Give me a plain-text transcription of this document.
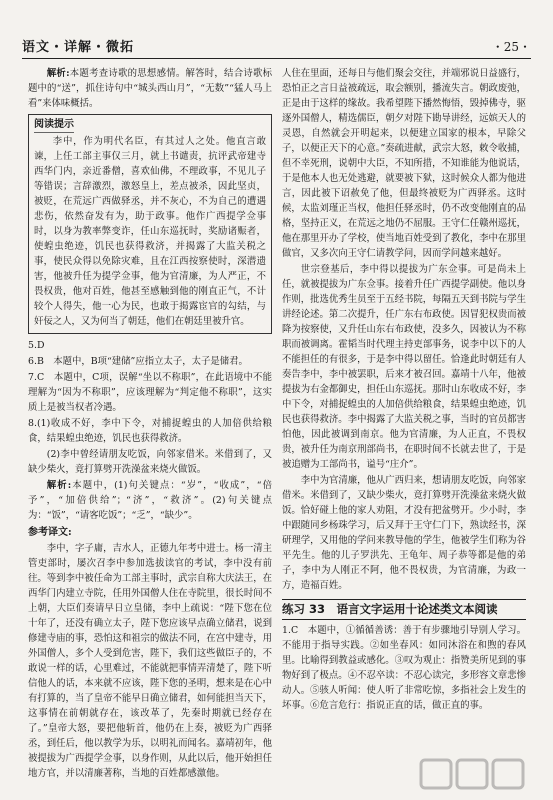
语文・详解・微拓	・25・

解析:本题考查诗歌的思想感情。解答时，结合诗歌标题中的“送”，抓住诗句中“城头西山月”，“无数”“猛人马上看”来体味概括。

阅读提示

李中，作为明代名臣，有其过人之处。他直言敢谏，上任工部主事仅三月，就上书谴责，抗评武帝建寺西华门内，亲近番僧，喜欢仙佛，不理政事，不见儿子等错误；言辞激烈，激怒皇上，差点被杀，因此坚贞，被贬，在荒远广西做驿丞，并不灰心，不为自己的遭遇悲伤，依然奋发有为，助于政事。他作广西提学佥事时，以身为教率弊变诈，任山东巡抚时，奖励诸赈者，使蝗虫绝迹，饥民也获得救济，并揭露了大监关税之事，使民众得以免除灾难，且在江西按察使时，深潜遗害，他被升任为提学佥事，他为官清廉，为人严正，不畏权贵，他对百姓，他甚至感触到他的刚直正气，不计较个人得失，他一心为民，也敢于揭露宦官的勾结，与奸佞之人，又为何当了朝廷，他们在朝廷里被升官。

5.D

6.B　本题中，B项“建储”应指立太子，太子是储君。

7.C　本题中，C项，误解“坐以不称职”，在此语境中不能理解为“因为不称职”，应该理解为“判定他不称职”，这实质上是被当权者冷遇。

8.(1)收成不好，李中下令，对捕捉蝗虫的人加倍供给粮食，结果蝗虫绝迹，饥民也获得救济。

(2)李中曾经请朋友吃饭，向邻家借米。米借到了，又缺少柴火，竟打算劈开洗澡盆来烧火做饭。

解析:本题中，(1)句关键点：“岁”，“收成”，“倍予”，“加倍供给”；“济”，“救济”。(2)句关键点为：“饭”，“请客吃饭”；“乏”，“缺少”。

参考译文:

李中，字子庸，吉水人，正德九年考中进士。杨一清主管吏部时，屡次召李中参加选拔读官的考试，李中没有前往。等到李中被任命为工部主事时，武宗自称大庆法王，在西华门内建立寺院，任用外国僧人住在寺院里，很长时间不上朝，大臣们奏请早日立皇储，李中上疏说：“陛下您在位十年了，还没有确立太子，陛下您应该早点确立储君，说到修建寺庙的事，恐怕这和祖宗的做法不同，在宫中建寺，用外国僧人，多个人受到危害，陛下，我们这些做臣子的，不敢说一样的话，心里难过，不能就把事情弄清楚了，陛下听信他人的话，本来就不应该，陛下您的圣明，想来是在心中有打算的，当了皇帝不能早日确立储君，如何能担当天下，这事情在前朝就存在，该改革了，先秦时期就已经存在了。”皇帝大怒，要把他斩首，他仍在上奏，被贬为广西驿丞，到任后，他以教学为乐，以明礼而闻名。嘉靖初年，他被提拔为广西提学佥事，以身作则，从此以后，他开始担任地方官，并以清廉著称，当地的百姓都感激他。

人住在里面，还每日与他们聚会交往，并端邪说日益盛行，恐怕正之言日益被疏远，取会额别，播流失言。朝政废弛，正是由于这样的缘故。我希望陛下播然悔悟，毁掉佛寺，驱逐外国僧人，精选儒臣，朝夕对陛下勘导讲经，远嫔天人的灵恩，自然就会开明起来，以便建立国家的根本，早除父子，以便正天下的心意。”奏疏进献，武宗大怒，敕令收捕，但不幸死刑，说朝中大臣，不知所措，不知谁能为他说话，于是他本人也无处逃避，就要被下狱，这时候众人都为他进言，因此被下诏赦免了他，但最终被贬为广西驿丞。这时候，太监刘瑾正当权，他担任驿丞时，仍不改变他刚直的品格，坚持正义，在荒远之地仍不屈服。王守仁任赣州巡抚，他在那里开办了学校，使当地百姓受到了教化，李中在那里做官，又多次向王守仁请教学问，因而学问越来越好。

世宗登基后，李中得以提拔为广东佥事。可是尚未上任，就被提拔为广东佥事。接着升任广西提学副使。他以身作则，批选优秀生员至于五经书院，每隔五天到书院与学生讲经论述。第二次提升，任广东右布政使。因冒犯权贵而被降为按察使，又升任山东右布政使，没多久，因被认为不称职而被调离。霍韬当时代理主持吏部事务，说李中以下的人不能担任的有很多，于是李中得以留任。恰逢此时朝廷有人奏告李中，李中被罢职，后来才被召回。嘉靖十八年，他被提拔为右金都御史，担任山东巡抚。那时山东收成不好，李中下令，对捕捉蝗虫的人加倍供给粮食，结果蝗虫绝迹，饥民也获得救济。李中揭露了大监关税之事，当时的官员都害怕他，因此被调到南京。他为官清廉，为人正直，不畏权贵，被升任为南京刑部尚书，在职时间不长就去世了，于是被追赠为工部尚书，谥号“庄介”。

李中为官清廉，他从广西归来，想请朋友吃饭，向邻家借米。米借到了，又缺少柴火，竟打算劈开洗澡盆来烧火做饭。恰好碰上他的家人劝阻，才没有把盆劈开。少小时，李中跟随同乡杨珠学习，后又拜于王守仁门下，熟读经书，深研理学，又用他的学问来教导他的学生，他被学生们称为谷平先生。他的儿子罗洪先、王龟年、周子恭等都是他的弟子，李中为人刚正不阿，他不畏权贵，为官清廉，为政一方，造福百姓。

练习 33　语言文字运用十论述类文本阅读

1.C　本题中，①循循善诱：善于有步骤地引导别人学习。不能用于指导实践。②如坐春风：如同沐浴在和煦的春风里。比喻得到教益或感化。③叹为观止：指赞美所见到的事物好到了极点。④不忍卒读：不忍心读完，多形容文章悲惨动人。⑤骇人听闻：使人听了非常吃惊，多指社会上发生的坏事。⑥危言危行：指说正直的话，做正直的事。
